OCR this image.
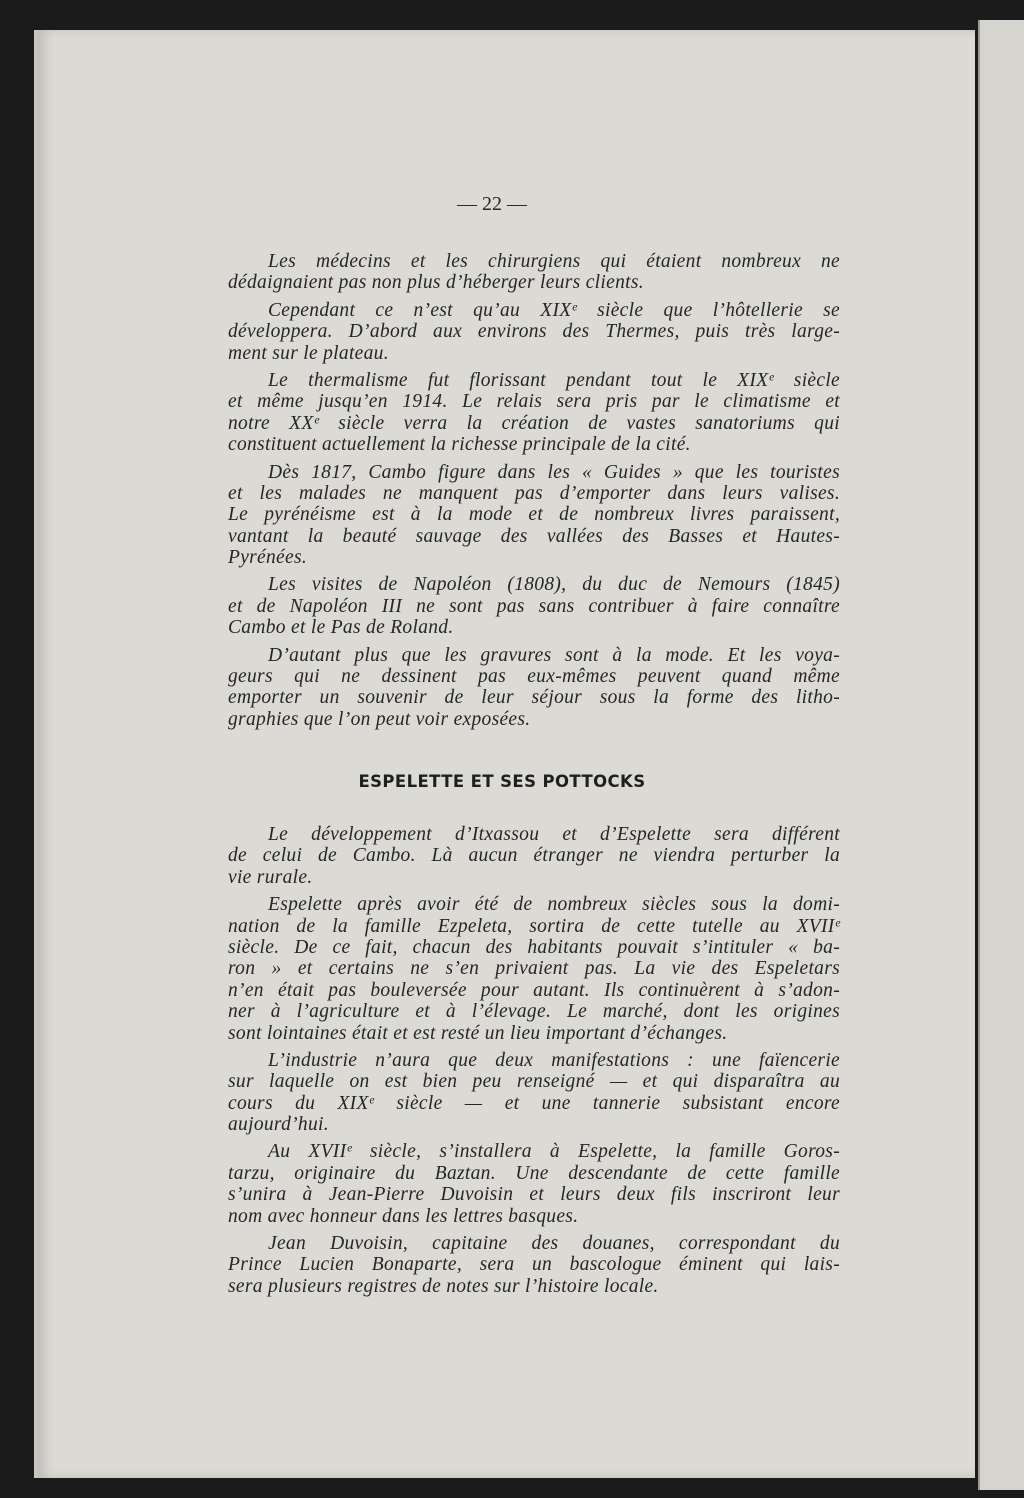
— 22 —
Les médecins et les chirurgiens qui étaient nombreux ne
dédaignaient pas non plus d’héberger leurs clients.
Cependant ce n’est qu’au XIXᵉ siècle que l’hôtellerie se
développera. D’abord aux environs des Thermes, puis très large-
ment sur le plateau.
Le thermalisme fut florissant pendant tout le XIXᵉ siècle
et même jusqu’en 1914. Le relais sera pris par le climatisme et
notre XXᵉ siècle verra la création de vastes sanatoriums qui
constituent actuellement la richesse principale de la cité.
Dès 1817, Cambo figure dans les « Guides » que les touristes
et les malades ne manquent pas d’emporter dans leurs valises.
Le pyrénéisme est à la mode et de nombreux livres paraissent,
vantant la beauté sauvage des vallées des Basses et Hautes-
Pyrénées.
Les visites de Napoléon (1808), du duc de Nemours (1845)
et de Napoléon III ne sont pas sans contribuer à faire connaître
Cambo et le Pas de Roland.
D’autant plus que les gravures sont à la mode. Et les voya-
geurs qui ne dessinent pas eux-mêmes peuvent quand même
emporter un souvenir de leur séjour sous la forme des litho-
graphies que l’on peut voir exposées.
ESPELETTE ET SES POTTOCKS
Le développement d’Itxassou et d’Espelette sera différent
de celui de Cambo. Là aucun étranger ne viendra perturber la
vie rurale.
Espelette après avoir été de nombreux siècles sous la domi-
nation de la famille Ezpeleta, sortira de cette tutelle au XVIIᵉ
siècle. De ce fait, chacun des habitants pouvait s’intituler « ba-
ron » et certains ne s’en privaient pas. La vie des Espeletars
n’en était pas bouleversée pour autant. Ils continuèrent à s’adon-
ner à l’agriculture et à l’élevage. Le marché, dont les origines
sont lointaines était et est resté un lieu important d’échanges.
L’industrie n’aura que deux manifestations : une faïencerie
sur laquelle on est bien peu renseigné — et qui disparaîtra au
cours du XIXᵉ siècle — et une tannerie subsistant encore
aujourd’hui.
Au XVIIᵉ siècle, s’installera à Espelette, la famille Goros-
tarzu, originaire du Baztan. Une descendante de cette famille
s’unira à Jean-Pierre Duvoisin et leurs deux fils inscriront leur
nom avec honneur dans les lettres basques.
Jean Duvoisin, capitaine des douanes, correspondant du
Prince Lucien Bonaparte, sera un bascologue éminent qui lais-
sera plusieurs registres de notes sur l’histoire locale.
